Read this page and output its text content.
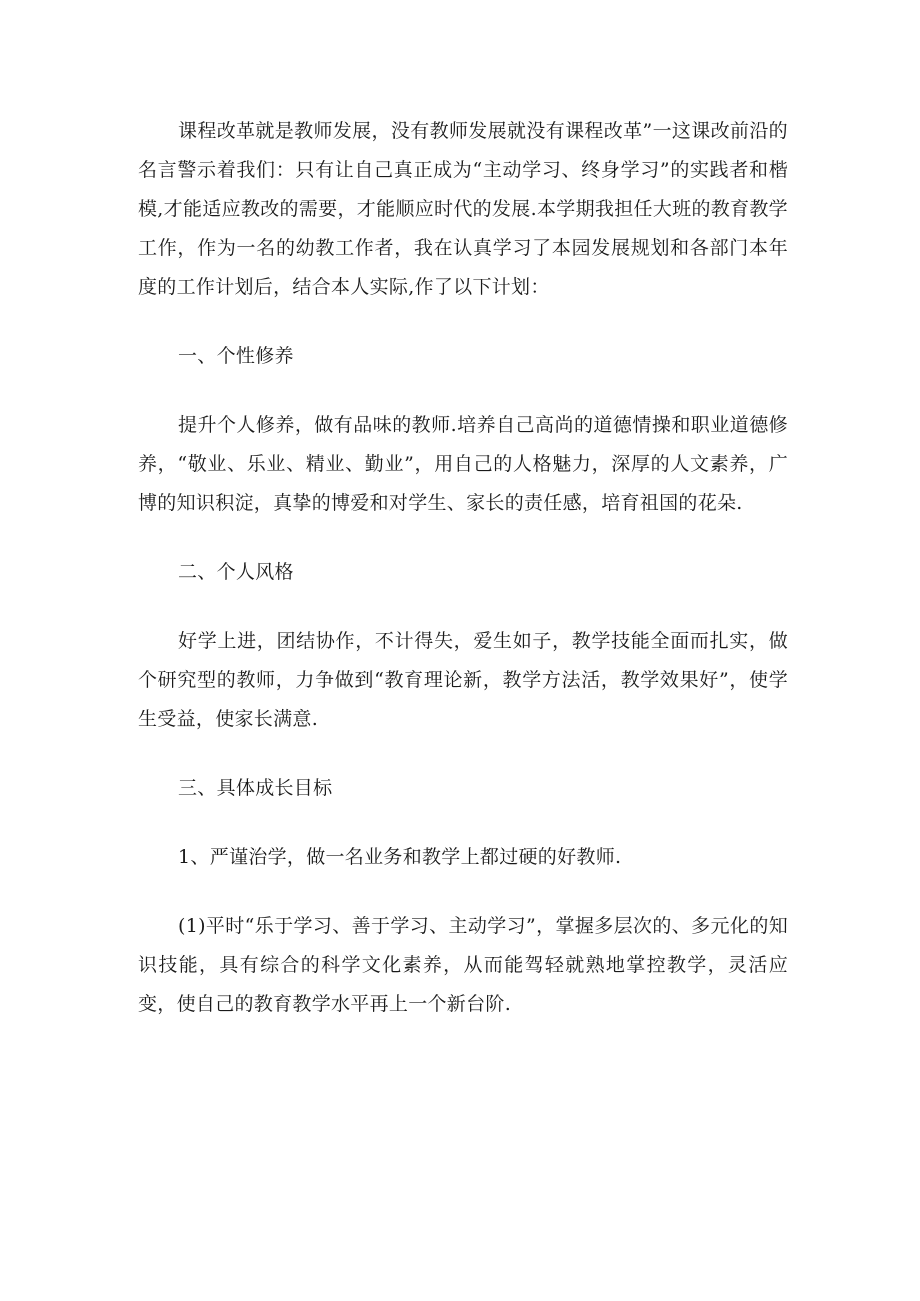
课程改革就是教师发展，没有教师发展就没有课程改革”一这课改前沿的名言警示着我们：只有让自己真正成为“主动学习、终身学习”的实践者和楷模,才能适应教改的需要，才能顺应时代的发展.本学期我担任大班的教育教学工作，作为一名的幼教工作者，我在认真学习了本园发展规划和各部门本年度的工作计划后，结合本人实际,作了以下计划：

一、个性修养

提升个人修养，做有品味的教师.培养自己高尚的道德情操和职业道德修养，“敬业、乐业、精业、勤业”，用自己的人格魅力，深厚的人文素养，广博的知识积淀，真挚的博爱和对学生、家长的责任感，培育祖国的花朵.

二、个人风格

好学上进，团结协作，不计得失，爱生如子，教学技能全面而扎实，做个研究型的教师，力争做到“教育理论新，教学方法活，教学效果好”，使学生受益，使家长满意.

三、具体成长目标

1、严谨治学，做一名业务和教学上都过硬的好教师.

(1)平时“乐于学习、善于学习、主动学习”，掌握多层次的、多元化的知识技能，具有综合的科学文化素养，从而能驾轻就熟地掌控教学，灵活应变，使自己的教育教学水平再上一个新台阶.
